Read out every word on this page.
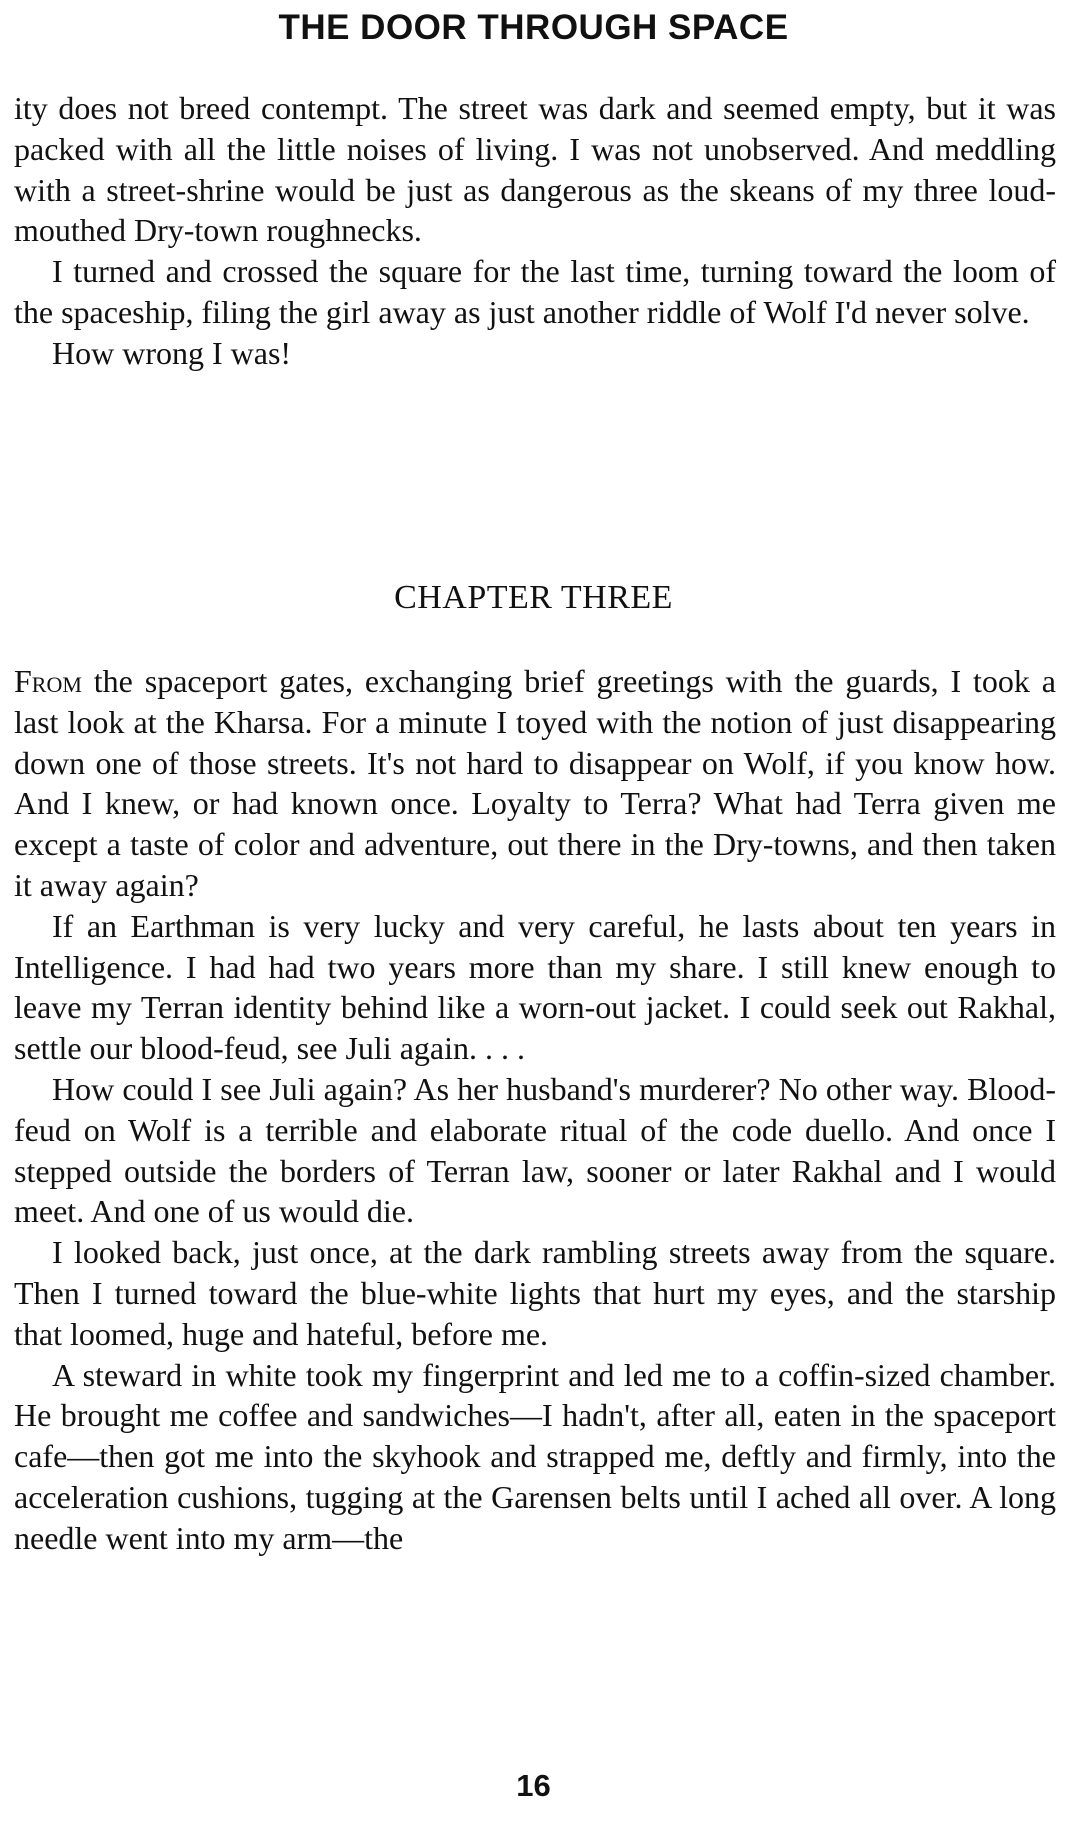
THE DOOR THROUGH SPACE

ity does not breed contempt. The street was dark and seemed empty, but it was packed with all the little noises of living. I was not unobserved. And meddling with a street-shrine would be just as dangerous as the skeans of my three loud-mouthed Dry-town roughnecks.

I turned and crossed the square for the last time, turning toward the loom of the spaceship, filing the girl away as just another riddle of Wolf I'd never solve.

How wrong I was!

CHAPTER THREE

From the spaceport gates, exchanging brief greetings with the guards, I took a last look at the Kharsa. For a minute I toyed with the notion of just disappearing down one of those streets. It's not hard to disappear on Wolf, if you know how. And I knew, or had known once. Loyalty to Terra? What had Terra given me except a taste of color and adventure, out there in the Dry-towns, and then taken it away again?

If an Earthman is very lucky and very careful, he lasts about ten years in Intelligence. I had had two years more than my share. I still knew enough to leave my Terran identity behind like a worn-out jacket. I could seek out Rakhal, settle our blood-feud, see Juli again. . . .

How could I see Juli again? As her husband's murderer? No other way. Blood-feud on Wolf is a terrible and elaborate ritual of the code duello. And once I stepped outside the borders of Terran law, sooner or later Rakhal and I would meet. And one of us would die.

I looked back, just once, at the dark rambling streets away from the square. Then I turned toward the blue-white lights that hurt my eyes, and the starship that loomed, huge and hateful, before me.

A steward in white took my fingerprint and led me to a coffin-sized chamber. He brought me coffee and sandwiches—I hadn't, after all, eaten in the spaceport cafe—then got me into the skyhook and strapped me, deftly and firmly, into the acceleration cushions, tugging at the Garensen belts until I ached all over. A long needle went into my arm—the

16
